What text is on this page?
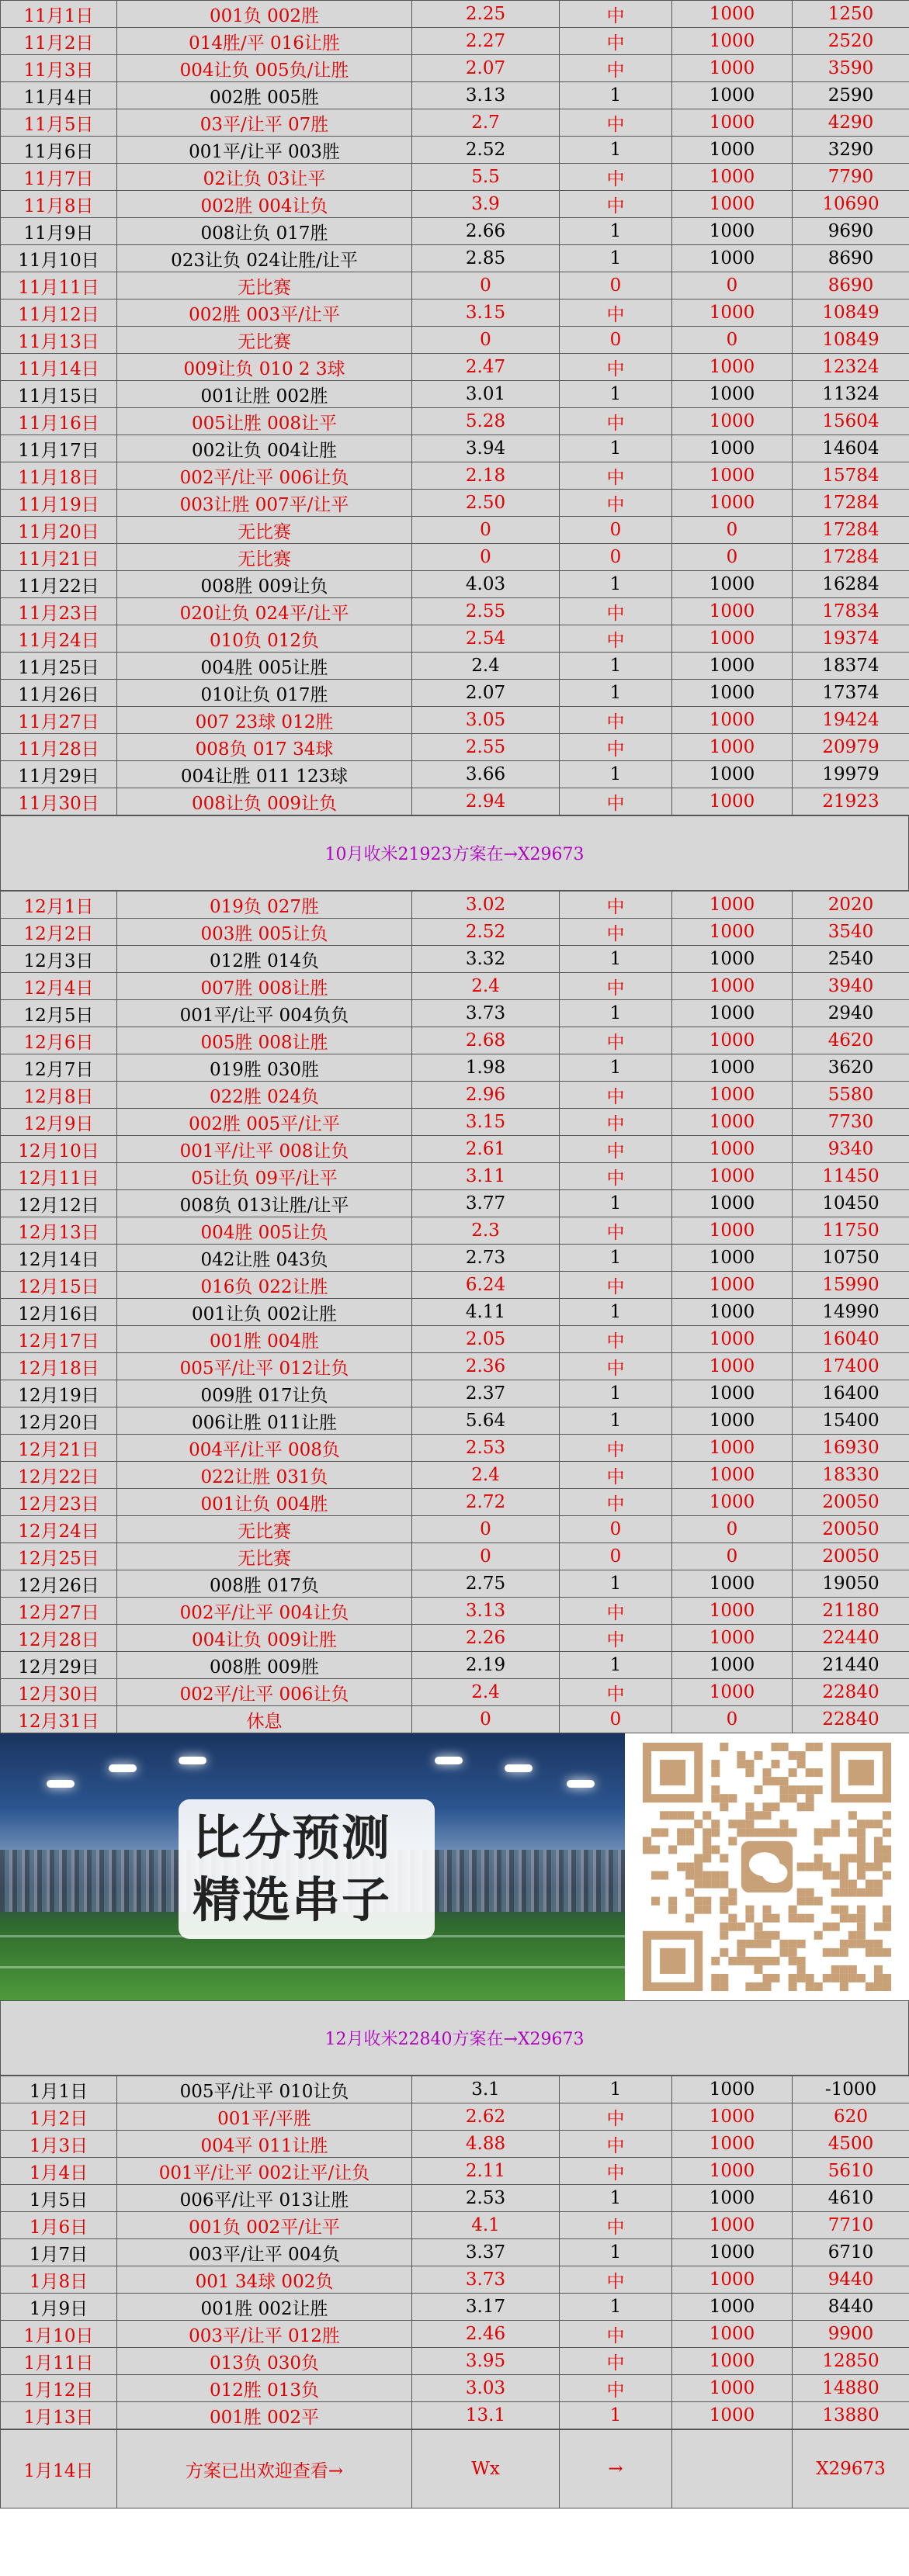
11月1日	001负 002胜	2.25	中	1000	1250
11月2日	014胜/平 016让胜	2.27	中	1000	2520
11月3日	004让负 005负/让胜	2.07	中	1000	3590
11月4日	002胜 005胜	3.13	1	1000	2590
11月5日	03平/让平 07胜	2.7	中	1000	4290
11月6日	001平/让平 003胜	2.52	1	1000	3290
11月7日	02让负 03让平	5.5	中	1000	7790
11月8日	002胜 004让负	3.9	中	1000	10690
11月9日	008让负 017胜	2.66	1	1000	9690
11月10日	023让负 024让胜/让平	2.85	1	1000	8690
11月11日	无比赛	0	0	0	8690
11月12日	002胜 003平/让平	3.15	中	1000	10849
11月13日	无比赛	0	0	0	10849
11月14日	009让负 010 2 3球	2.47	中	1000	12324
11月15日	001让胜 002胜	3.01	1	1000	11324
11月16日	005让胜 008让平	5.28	中	1000	15604
11月17日	002让负 004让胜	3.94	1	1000	14604
11月18日	002平/让平 006让负	2.18	中	1000	15784
11月19日	003让胜 007平/让平	2.50	中	1000	17284
11月20日	无比赛	0	0	0	17284
11月21日	无比赛	0	0	0	17284
11月22日	008胜 009让负	4.03	1	1000	16284
11月23日	020让负 024平/让平	2.55	中	1000	17834
11月24日	010负 012负	2.54	中	1000	19374
11月25日	004胜 005让胜	2.4	1	1000	18374
11月26日	010让负 017胜	2.07	1	1000	17374
11月27日	007 23球 012胜	3.05	中	1000	19424
11月28日	008负 017 34球	2.55	中	1000	20979
11月29日	004让胜 011 123球	3.66	1	1000	19979
11月30日	008让负 009让负	2.94	中	1000	21923
10月收米21923方案在→X29673
12月1日	019负 027胜	3.02	中	1000	2020
12月2日	003胜 005让负	2.52	中	1000	3540
12月3日	012胜 014负	3.32	1	1000	2540
12月4日	007胜 008让胜	2.4	中	1000	3940
12月5日	001平/让平 004负负	3.73	1	1000	2940
12月6日	005胜 008让胜	2.68	中	1000	4620
12月7日	019胜 030胜	1.98	1	1000	3620
12月8日	022胜 024负	2.96	中	1000	5580
12月9日	002胜 005平/让平	3.15	中	1000	7730
12月10日	001平/让平 008让负	2.61	中	1000	9340
12月11日	05让负 09平/让平	3.11	中	1000	11450
12月12日	008负 013让胜/让平	3.77	1	1000	10450
12月13日	004胜 005让负	2.3	中	1000	11750
12月14日	042让胜 043负	2.73	1	1000	10750
12月15日	016负 022让胜	6.24	中	1000	15990
12月16日	001让负 002让胜	4.11	1	1000	14990
12月17日	001胜 004胜	2.05	中	1000	16040
12月18日	005平/让平 012让负	2.36	中	1000	17400
12月19日	009胜 017让负	2.37	1	1000	16400
12月20日	006让胜 011让胜	5.64	1	1000	15400
12月21日	004平/让平 008负	2.53	中	1000	16930
12月22日	022让胜 031负	2.4	中	1000	18330
12月23日	001让负 004胜	2.72	中	1000	20050
12月24日	无比赛	0	0	0	20050
12月25日	无比赛	0	0	0	20050
12月26日	008胜 017负	2.75	1	1000	19050
12月27日	002平/让平 004让负	3.13	中	1000	21180
12月28日	004让负 009让胜	2.26	中	1000	22440
12月29日	008胜 009胜	2.19	1	1000	21440
12月30日	002平/让平 006让负	2.4	中	1000	22840
12月31日	休息	0	0	0	22840
比分预测
精选串子
12月收米22840方案在→X29673
1月1日	005平/让平 010让负	3.1	1	1000	-1000
1月2日	001平/平胜	2.62	中	1000	620
1月3日	004平 011让胜	4.88	中	1000	4500
1月4日	001平/让平 002让平/让负	2.11	中	1000	5610
1月5日	006平/让平 013让胜	2.53	1	1000	4610
1月6日	001负 002平/让平	4.1	中	1000	7710
1月7日	003平/让平 004负	3.37	1	1000	6710
1月8日	001 34球 002负	3.73	中	1000	9440
1月9日	001胜 002让胜	3.17	1	1000	8440
1月10日	003平/让平 012胜	2.46	中	1000	9900
1月11日	013负 030负	3.95	中	1000	12850
1月12日	012胜 013负	3.03	中	1000	14880
1月13日	001胜 002平	13.1	1	1000	13880
1月14日	方案已出欢迎查看→	Wx	→		X29673
